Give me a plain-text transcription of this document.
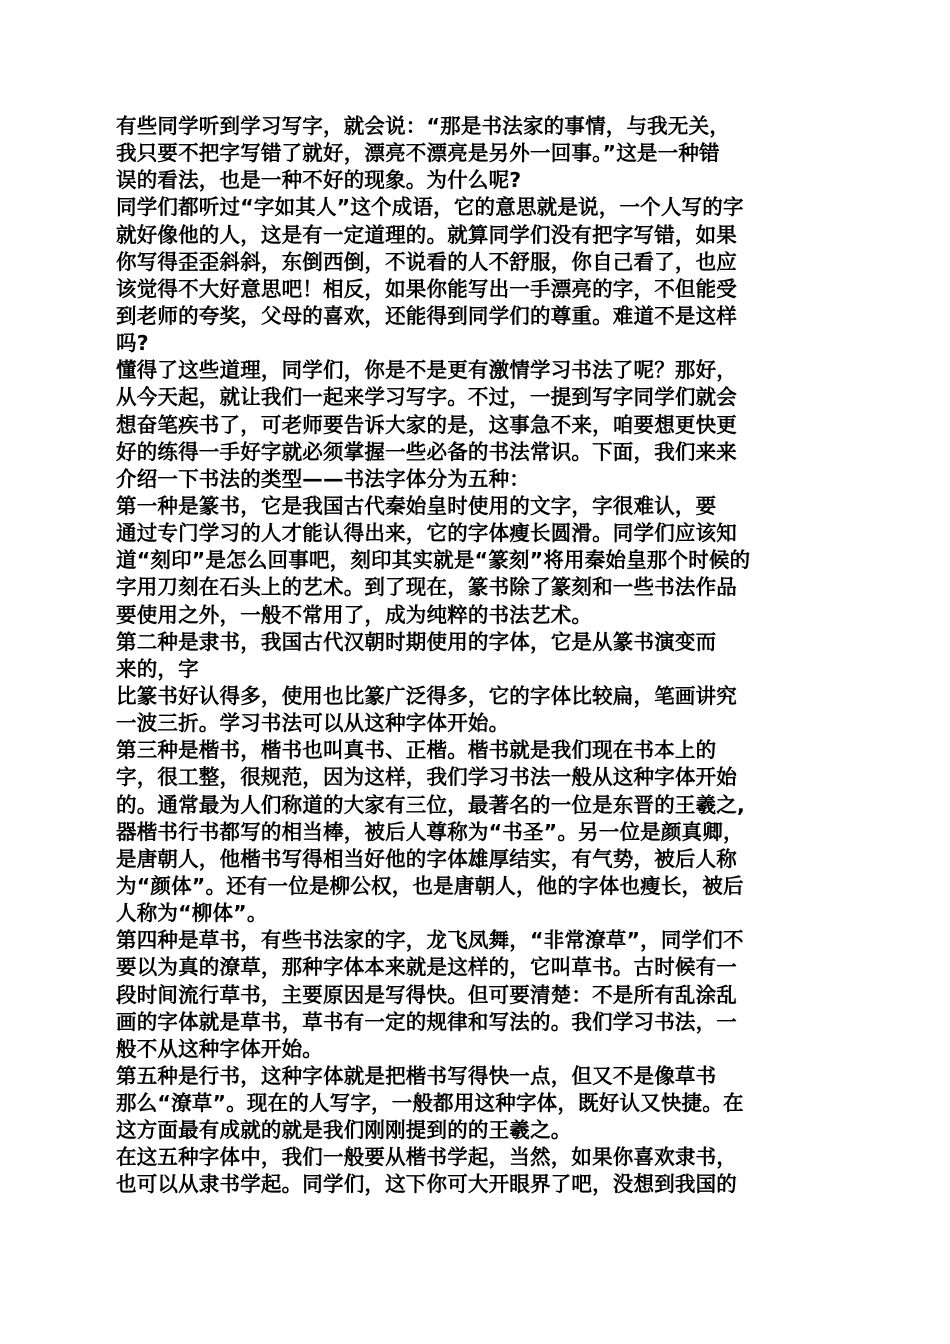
有些同学听到学习写字，就会说：“那是书法家的事情，与我无关，
我只要不把字写错了就好，漂亮不漂亮是另外一回事。”这是一种错
误的看法，也是一种不好的现象。为什么呢?
同学们都听过“字如其人”这个成语，它的意思就是说，一个人写的字
就好像他的人，这是有一定道理的。就算同学们没有把字写错，如果
你写得歪歪斜斜，东倒西倒，不说看的人不舒服，你自己看了，也应
该觉得不大好意思吧！相反，如果你能写出一手漂亮的字，不但能受
到老师的夸奖，父母的喜欢，还能得到同学们的尊重。难道不是这样
吗?
懂得了这些道理，同学们，你是不是更有激情学习书法了呢？那好，
从今天起，就让我们一起来学习写字。不过，一提到写字同学们就会
想奋笔疾书了，可老师要告诉大家的是，这事急不来，咱要想更快更
好的练得一手好字就必须掌握一些必备的书法常识。下面，我们来来
介绍一下书法的类型——书法字体分为五种：
第一种是篆书，它是我国古代秦始皇时使用的文字，字很难认，要
通过专门学习的人才能认得出来，它的字体瘦长圆滑。同学们应该知
道“刻印”是怎么回事吧，刻印其实就是“篆刻”将用秦始皇那个时候的
字用刀刻在石头上的艺术。到了现在，篆书除了篆刻和一些书法作品
要使用之外，一般不常用了，成为纯粹的书法艺术。
第二种是隶书，我国古代汉朝时期使用的字体，它是从篆书演变而
来的，字
比篆书好认得多，使用也比篆广泛得多，它的字体比较扁，笔画讲究
一波三折。学习书法可以从这种字体开始。
第三种是楷书，楷书也叫真书、正楷。楷书就是我们现在书本上的
字，很工整，很规范，因为这样，我们学习书法一般从这种字体开始
的。通常最为人们称道的大家有三位，最著名的一位是东晋的王羲之,
器楷书行书都写的相当棒，被后人尊称为“书圣”。另一位是颜真卿，
是唐朝人，他楷书写得相当好他的字体雄厚结实，有气势，被后人称
为“颜体”。还有一位是柳公权，也是唐朝人，他的字体也瘦长，被后
人称为“柳体”。
第四种是草书，有些书法家的字，龙飞凤舞，“非常潦草”，同学们不
要以为真的潦草，那种字体本来就是这样的，它叫草书。古时候有一
段时间流行草书，主要原因是写得快。但可要清楚：不是所有乱涂乱
画的字体就是草书，草书有一定的规律和写法的。我们学习书法，一
般不从这种字体开始。
第五种是行书，这种字体就是把楷书写得快一点，但又不是像草书
那么“潦草”。现在的人写字，一般都用这种字体，既好认又快捷。在
这方面最有成就的就是我们刚刚提到的的王羲之。
在这五种字体中，我们一般要从楷书学起，当然，如果你喜欢隶书，
也可以从隶书学起。同学们，这下你可大开眼界了吧，没想到我国的
